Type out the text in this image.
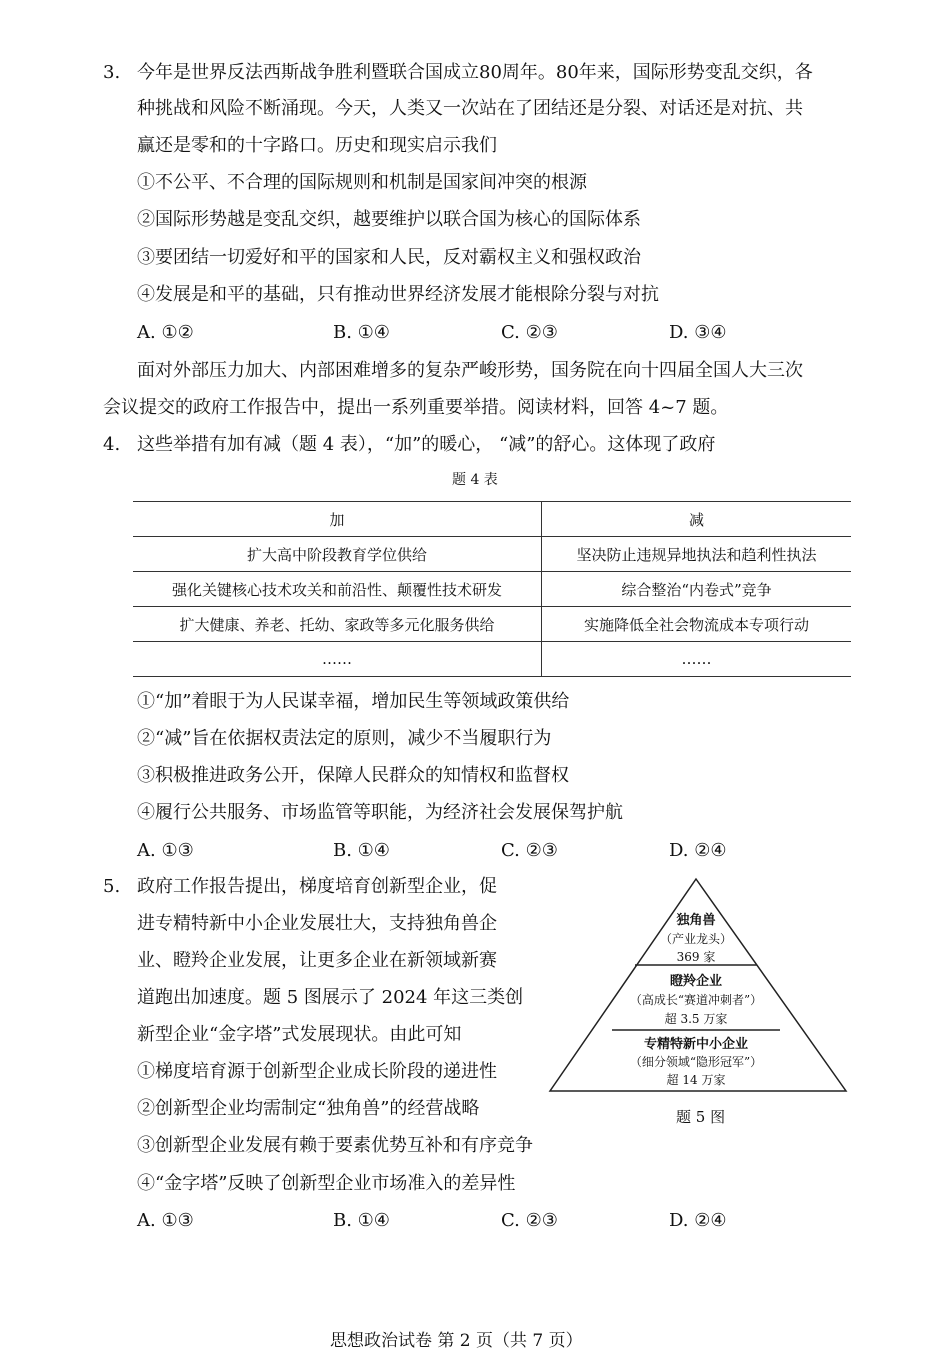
3. 今年是世界反法西斯战争胜利暨联合国成立80周年。80年来，国际形势变乱交织，各
种挑战和风险不断涌现。今天，人类又一次站在了团结还是分裂、对话还是对抗、共
赢还是零和的十字路口。历史和现实启示我们
①不公平、不合理的国际规则和机制是国家间冲突的根源
②国际形势越是变乱交织，越要维护以联合国为核心的国际体系
③要团结一切爱好和平的国家和人民，反对霸权主义和强权政治
④发展是和平的基础，只有推动世界经济发展才能根除分裂与对抗
A. ①②	B. ①④	C. ②③	D. ③④
面对外部压力加大、内部困难增多的复杂严峻形势，国务院在向十四届全国人大三次
会议提交的政府工作报告中，提出一系列重要举措。阅读材料，回答 4~7 题。
4. 这些举措有加有减（题 4 表），“加”的暖心， “减”的舒心。这体现了政府
题 4 表
加	减
扩大高中阶段教育学位供给	坚决防止违规异地执法和趋利性执法
强化关键核心技术攻关和前沿性、颠覆性技术研发	综合整治“内卷式”竞争
扩大健康、养老、托幼、家政等多元化服务供给	实施降低全社会物流成本专项行动
……	……
①“加”着眼于为人民谋幸福，增加民生等领域政策供给
②“减”旨在依据权责法定的原则，减少不当履职行为
③积极推进政务公开，保障人民群众的知情权和监督权
④履行公共服务、市场监管等职能，为经济社会发展保驾护航
A. ①③	B. ①④	C. ②③	D. ②④
5. 政府工作报告提出，梯度培育创新型企业，促
进专精特新中小企业发展壮大，支持独角兽企
业、瞪羚企业发展，让更多企业在新领域新赛
道跑出加速度。题 5 图展示了 2024 年这三类创
新型企业“金字塔”式发展现状。由此可知
①梯度培育源于创新型企业成长阶段的递进性
②创新型企业均需制定“独角兽”的经营战略
③创新型企业发展有赖于要素优势互补和有序竞争
④“金字塔”反映了创新型企业市场准入的差异性
A. ①③	B. ①④	C. ②③	D. ②④
独角兽
（产业龙头）
369 家
瞪羚企业
（高成长“赛道冲刺者”）
超 3.5 万家
专精特新中小企业
（细分领域“隐形冠军”）
超 14 万家
题 5 图
思想政治试卷 第 2 页（共 7 页）
